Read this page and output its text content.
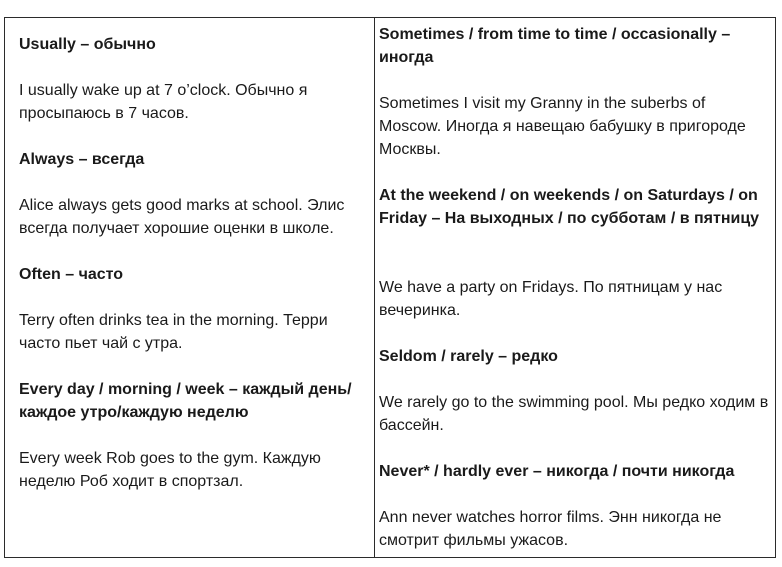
Usually – обычно

I usually wake up at 7 o’clock. Обычно я просыпаюсь в 7 часов.

Always – всегда

Alice always gets good marks at school. Элис всегда получает хорошие оценки в школе.

Often – часто

Terry often drinks tea in the morning. Терри часто пьет чай с утра.

Every day / morning / week – каждый день/каждое утро/каждую неделю

Every week Rob goes to the gym. Каждую неделю Роб ходит в спортзал.

Sometimes / from time to time / occasionally – иногда

Sometimes I visit my Granny in the suberbs of Moscow. Иногда я навещаю бабушку в пригороде Москвы.

At the weekend / on weekends / on Saturdays / on Friday – На выходных / по субботам / в пятницу

We have a party on Fridays. По пятницам у нас вечеринка.

Seldom / rarely – редко

We rarely go to the swimming pool. Мы редко ходим в бассейн.

Never* / hardly ever – никогда / почти никогда

Ann never watches horror films. Энн никогда не смотрит фильмы ужасов.
